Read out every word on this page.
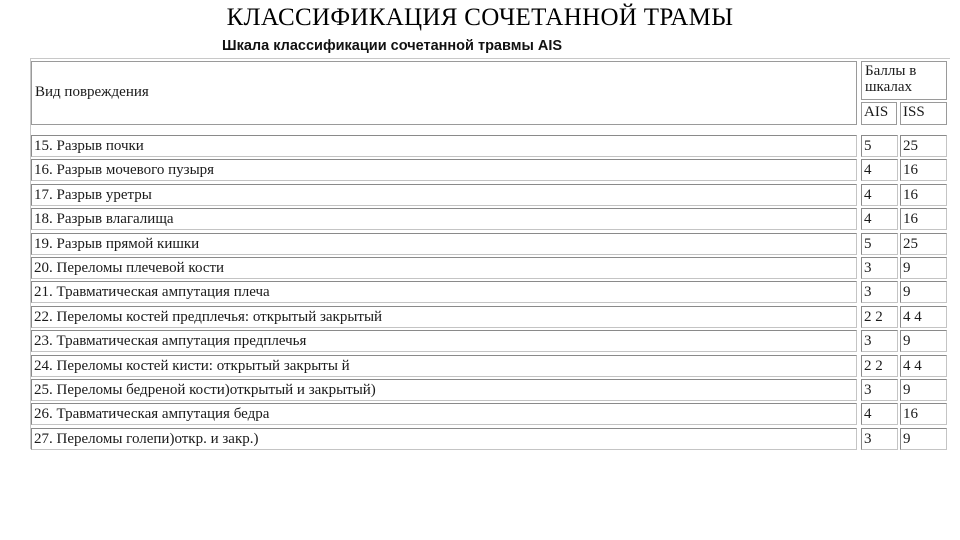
КЛАССИФИКАЦИЯ СОЧЕТАННОЙ ТРАМЫ
Шкала классификации сочетанной травмы AIS
Вид повреждения
Баллы в шкалах
AIS ISS
15. Разрыв почки	5	25
16. Разрыв мочевого пузыря	4	16
17. Разрыв уретры	4	16
18. Разрыв влагалища	4	16
19. Разрыв прямой кишки	5	25
20. Переломы плечевой кости	3	9
21. Травматическая ампутация плеча	3	9
22. Переломы костей предплечья: открытый закрытый	2 2	4 4
23. Травматическая ампутация предплечья	3	9
24. Переломы костей кисти: открытый закрыты й	2 2	4 4
25. Переломы бедреной кости)открытый и закрытый)	3	9
26. Травматическая ампутация бедра	4	16
27. Переломы голепи)откр. и закр.)	3	9
